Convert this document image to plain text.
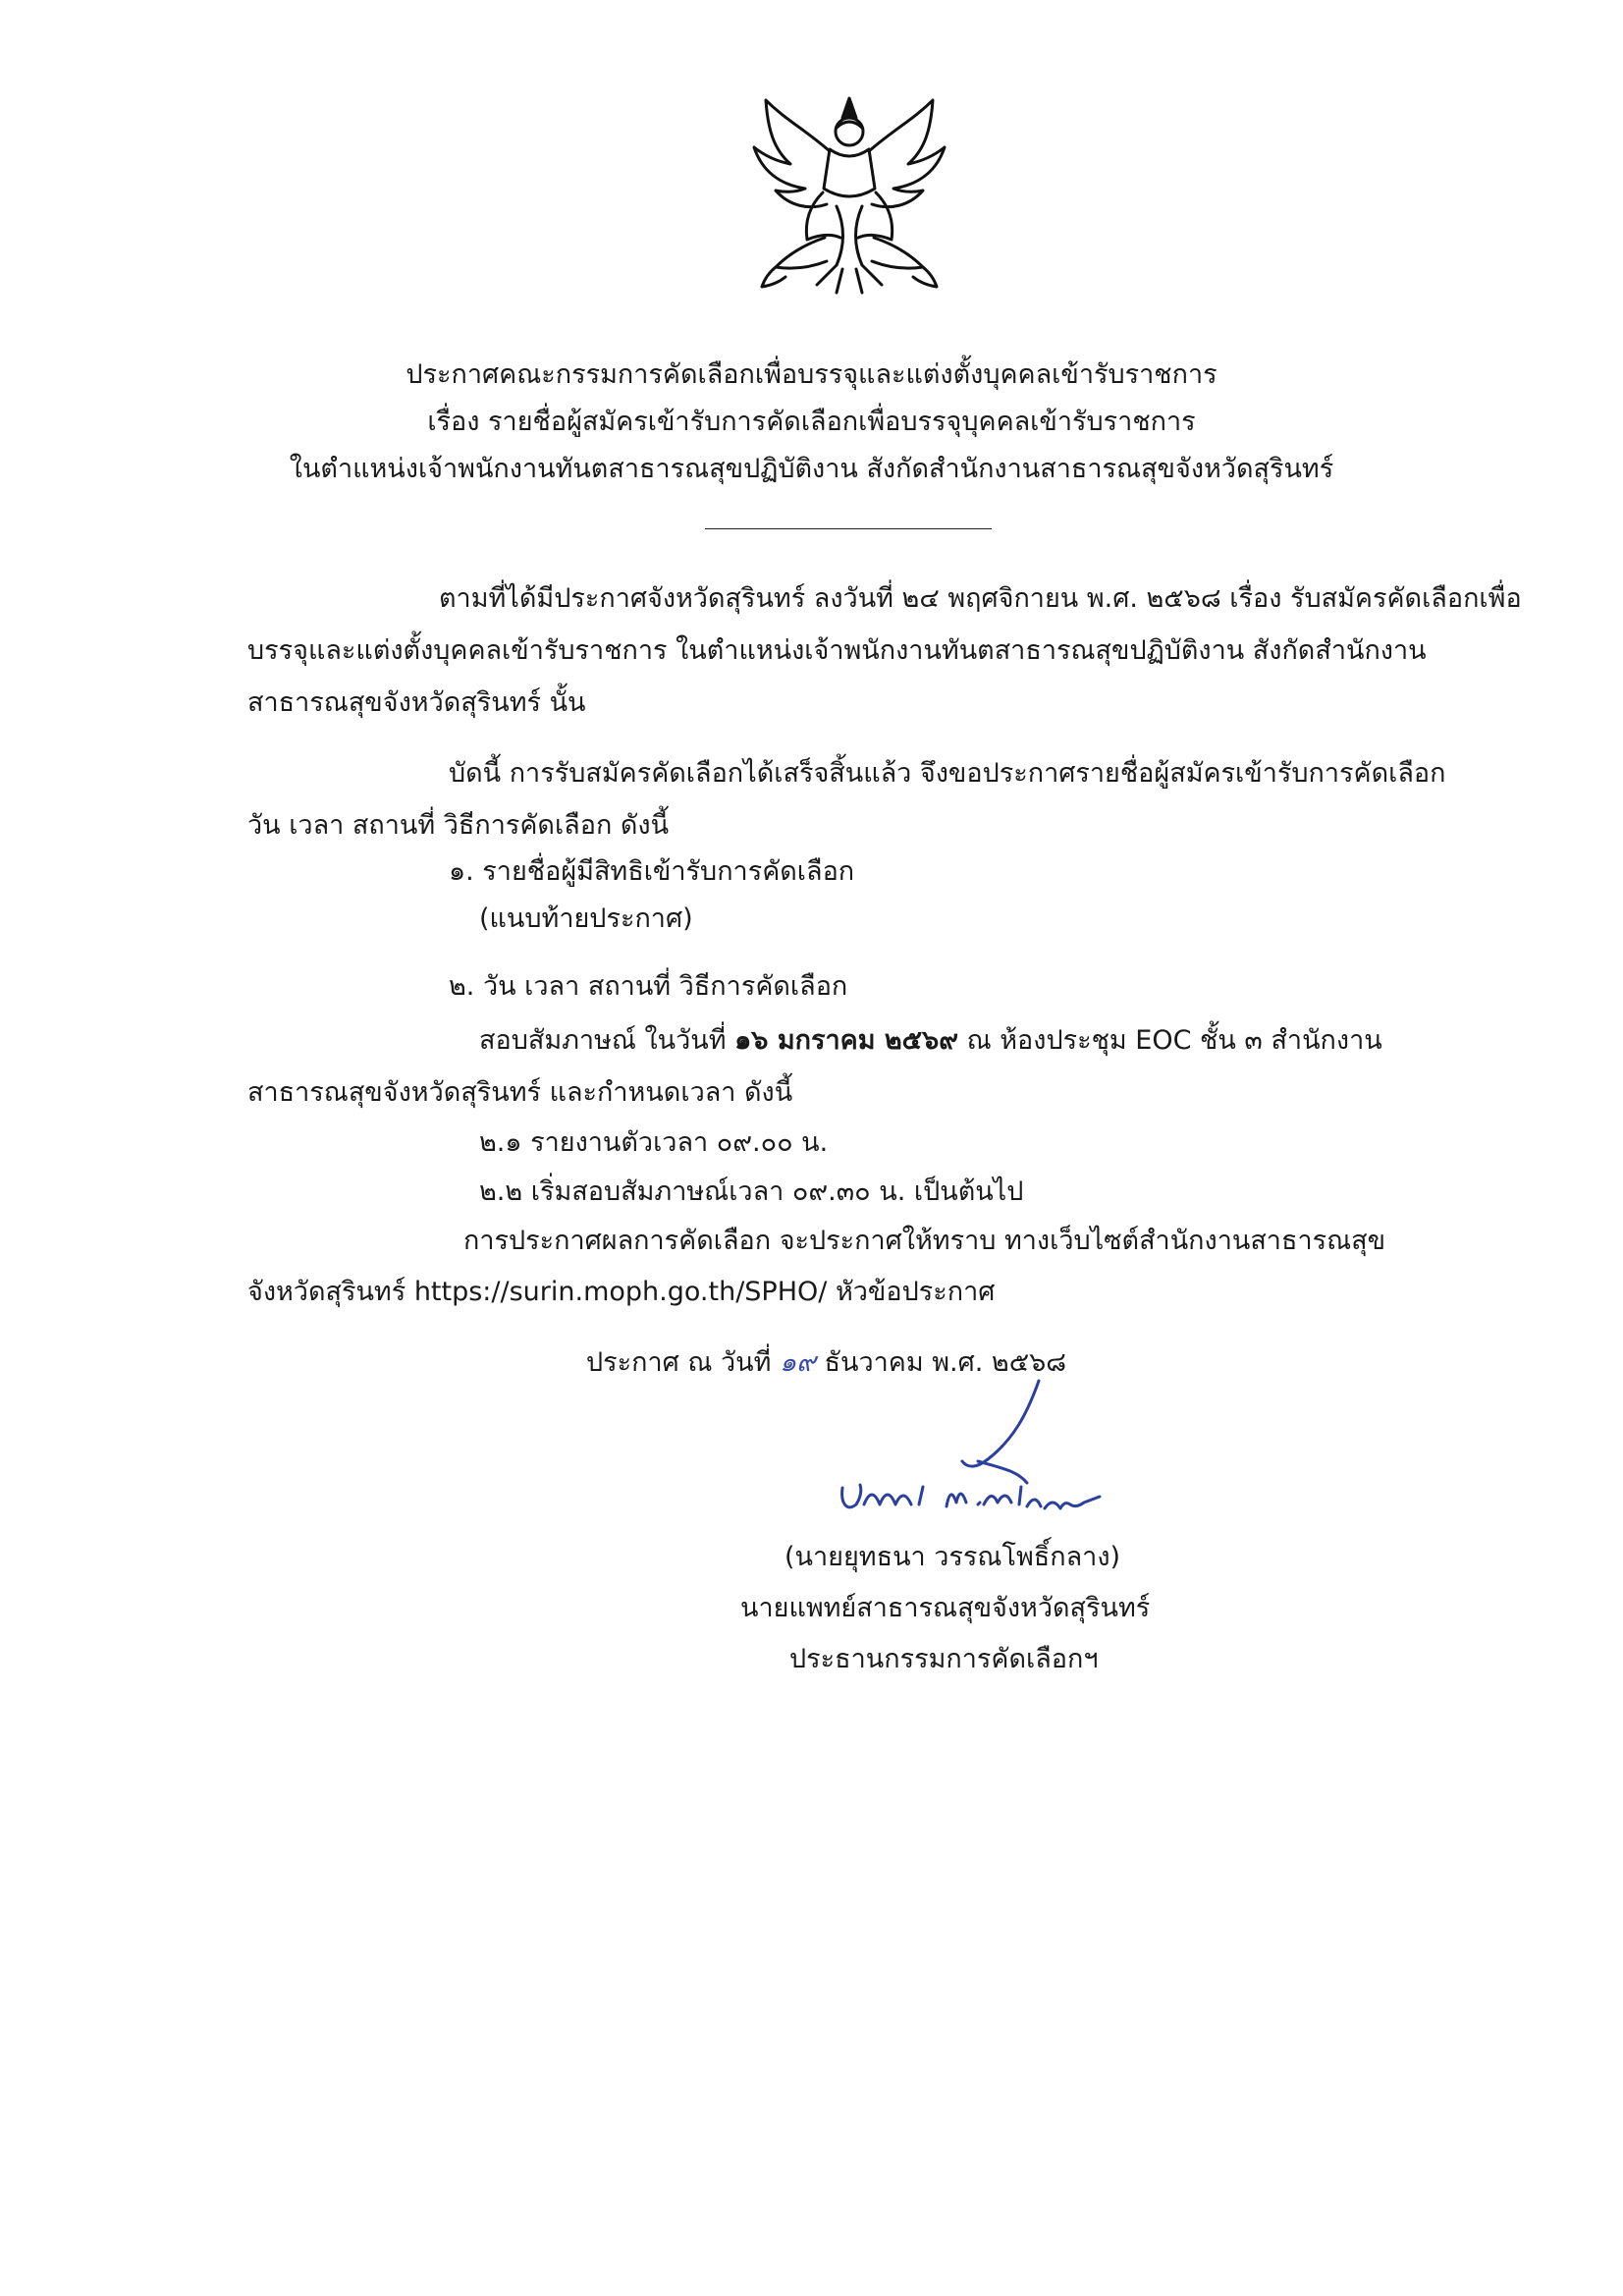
ประกาศคณะกรรมการคัดเลือกเพื่อบรรจุและแต่งตั้งบุคคลเข้ารับราชการ
เรื่อง รายชื่อผู้สมัครเข้ารับการคัดเลือกเพื่อบรรจุบุคคลเข้ารับราชการ
ในตำแหน่งเจ้าพนักงานทันตสาธารณสุขปฏิบัติงาน สังกัดสำนักงานสาธารณสุขจังหวัดสุรินทร์
ตามที่ได้มีประกาศจังหวัดสุรินทร์ ลงวันที่ ๒๔ พฤศจิกายน พ.ศ. ๒๕๖๘ เรื่อง รับสมัครคัดเลือกเพื่อ
บรรจุและแต่งตั้งบุคคลเข้ารับราชการ ในตำแหน่งเจ้าพนักงานทันตสาธารณสุขปฏิบัติงาน สังกัดสำนักงาน
สาธารณสุขจังหวัดสุรินทร์ นั้น
บัดนี้ การรับสมัครคัดเลือกได้เสร็จสิ้นแล้ว จึงขอประกาศรายชื่อผู้สมัครเข้ารับการคัดเลือก
วัน เวลา สถานที่ วิธีการคัดเลือก ดังนี้
๑. รายชื่อผู้มีสิทธิเข้ารับการคัดเลือก
(แนบท้ายประกาศ)
๒. วัน เวลา สถานที่ วิธีการคัดเลือก
สอบสัมภาษณ์ ในวันที่ ๑๖ มกราคม ๒๕๖๙ ณ ห้องประชุม EOC ชั้น ๓ สำนักงาน
สาธารณสุขจังหวัดสุรินทร์ และกำหนดเวลา ดังนี้
๒.๑ รายงานตัวเวลา ๐๙.๐๐ น.
๒.๒ เริ่มสอบสัมภาษณ์เวลา ๐๙.๓๐ น. เป็นต้นไป
การประกาศผลการคัดเลือก จะประกาศให้ทราบ ทางเว็บไซต์สำนักงานสาธารณสุข
จังหวัดสุรินทร์ https://surin.moph.go.th/SPHO/ หัวข้อประกาศ
ประกาศ ณ วันที่ ๑๙ ธันวาคม พ.ศ. ๒๕๖๘
(นายยุทธนา วรรณโพธิ์กลาง)
นายแพทย์สาธารณสุขจังหวัดสุรินทร์
ประธานกรรมการคัดเลือกฯ
